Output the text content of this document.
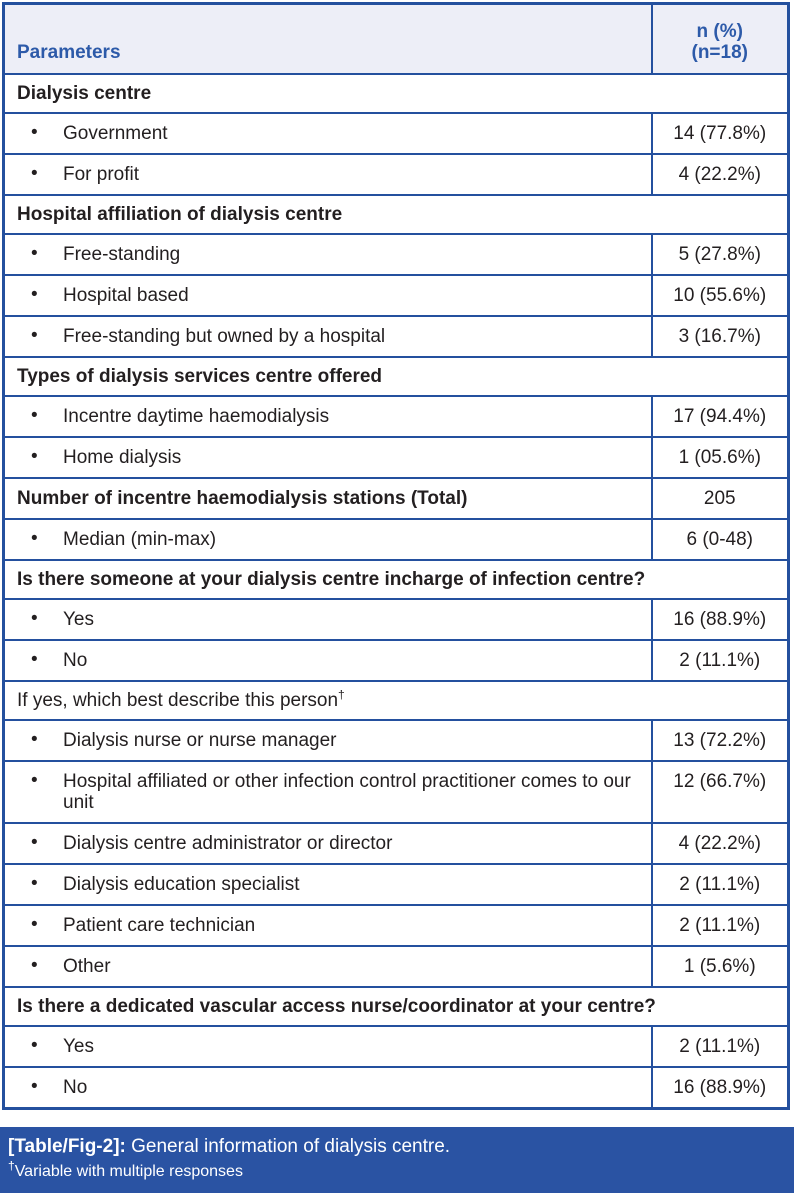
Parameters	n (%)
(n=18)

Dialysis centre	

• Government	14 (77.8%)

• For profit	4 (22.2%)
Hospital affiliation of dialysis centre	

• Free-standing	5 (27.8%)

• Hospital based	10 (55.6%)

• Free-standing but owned by a hospital	3 (16.7%)
Types of dialysis services centre offered	

• Incentre daytime haemodialysis	17 (94.4%)

• Home dialysis	1 (05.6%)
Number of incentre haemodialysis stations (Total)	205

• Median (min-max)	6 (0-48)
Is there someone at your dialysis centre incharge of infection centre?	

• Yes	16 (88.9%)

• No	2 (11.1%)
If yes, which best describe this person†

• Dialysis nurse or nurse manager	13 (72.2%)

• Hospital affiliated or other infection control practitioner comes to our unit	12 (66.7%)

• Dialysis centre administrator or director	4 (22.2%)

• Dialysis education specialist	2 (11.1%)

• Patient care technician	2 (11.1%)

• Other	1 (5.6%)
Is there a dedicated vascular access nurse/coordinator at your centre?	

• Yes	2 (11.1%)

• No	16 (88.9%)
[Table/Fig-2]: General information of dialysis centre.
†Variable with multiple responses
